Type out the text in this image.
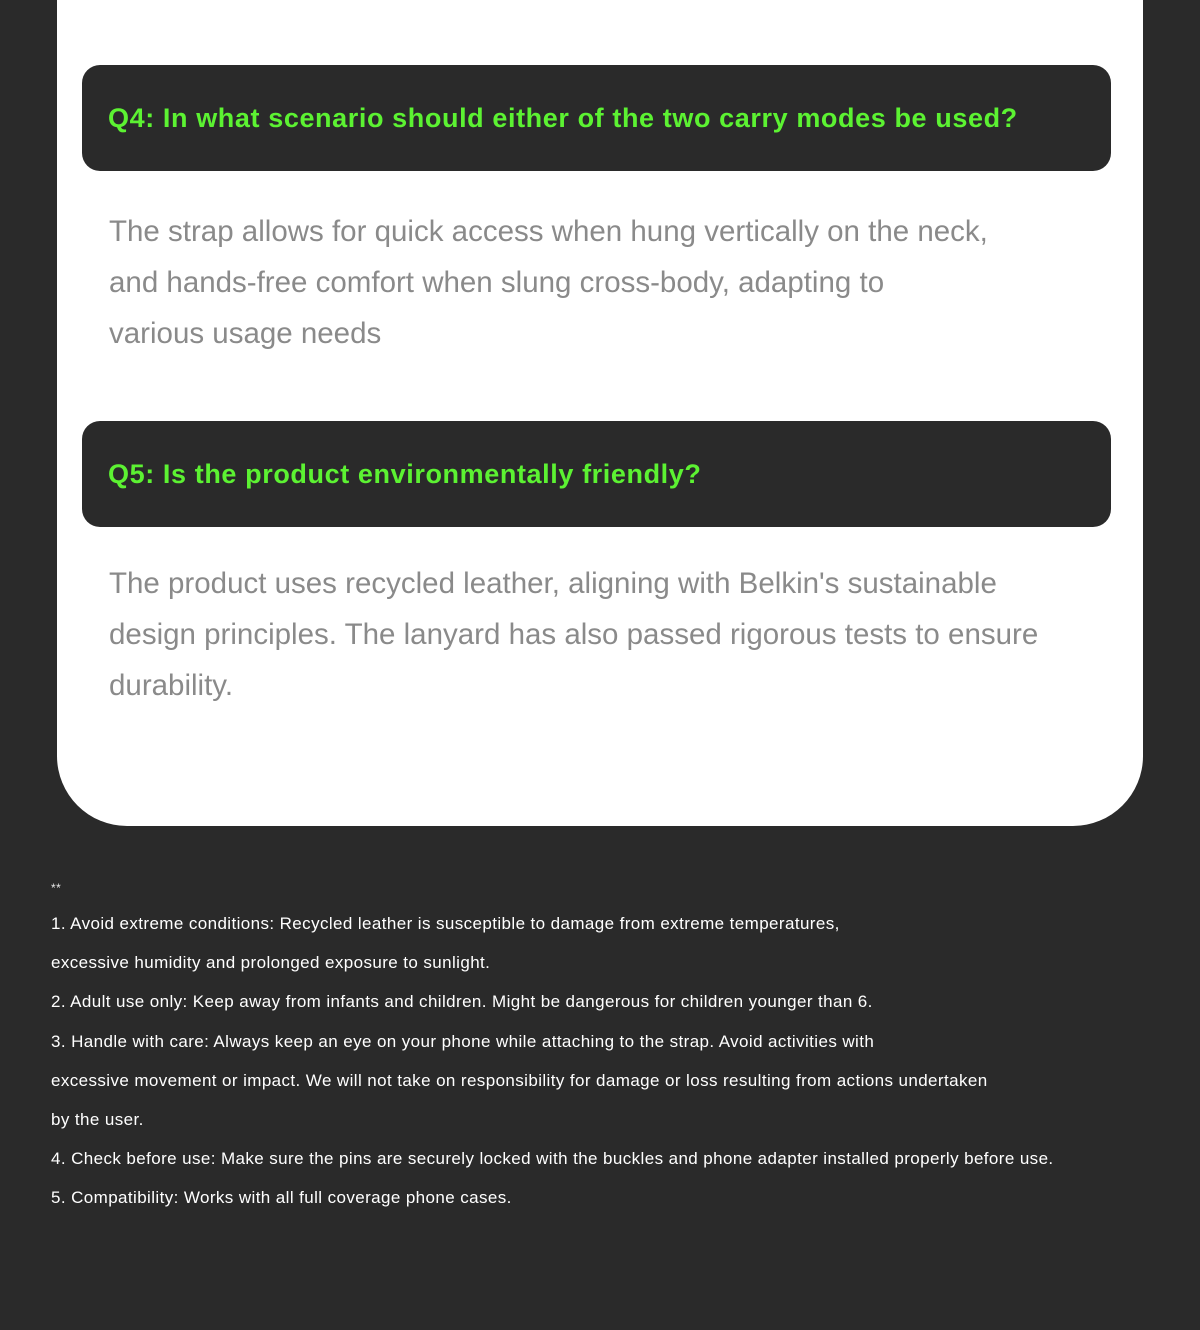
Q4: In what scenario should either of the two carry modes be used?
The strap allows for quick access when hung vertically on the neck,
and hands-free comfort when slung cross-body, adapting to
various usage needs
Q5: Is the product environmentally friendly?
The product uses recycled leather, aligning with Belkin's sustainable
design principles. The lanyard has also passed rigorous tests to ensure
durability.
**
1. Avoid extreme conditions: Recycled leather is susceptible to damage from extreme temperatures,
excessive humidity and prolonged exposure to sunlight.
2. Adult use only: Keep away from infants and children. Might be dangerous for children younger than 6.
3. Handle with care: Always keep an eye on your phone while attaching to the strap. Avoid activities with
excessive movement or impact. We will not take on responsibility for damage or loss resulting from actions undertaken
by the user.
4. Check before use: Make sure the pins are securely locked with the buckles and phone adapter installed properly before use.
5. Compatibility: Works with all full coverage phone cases.
